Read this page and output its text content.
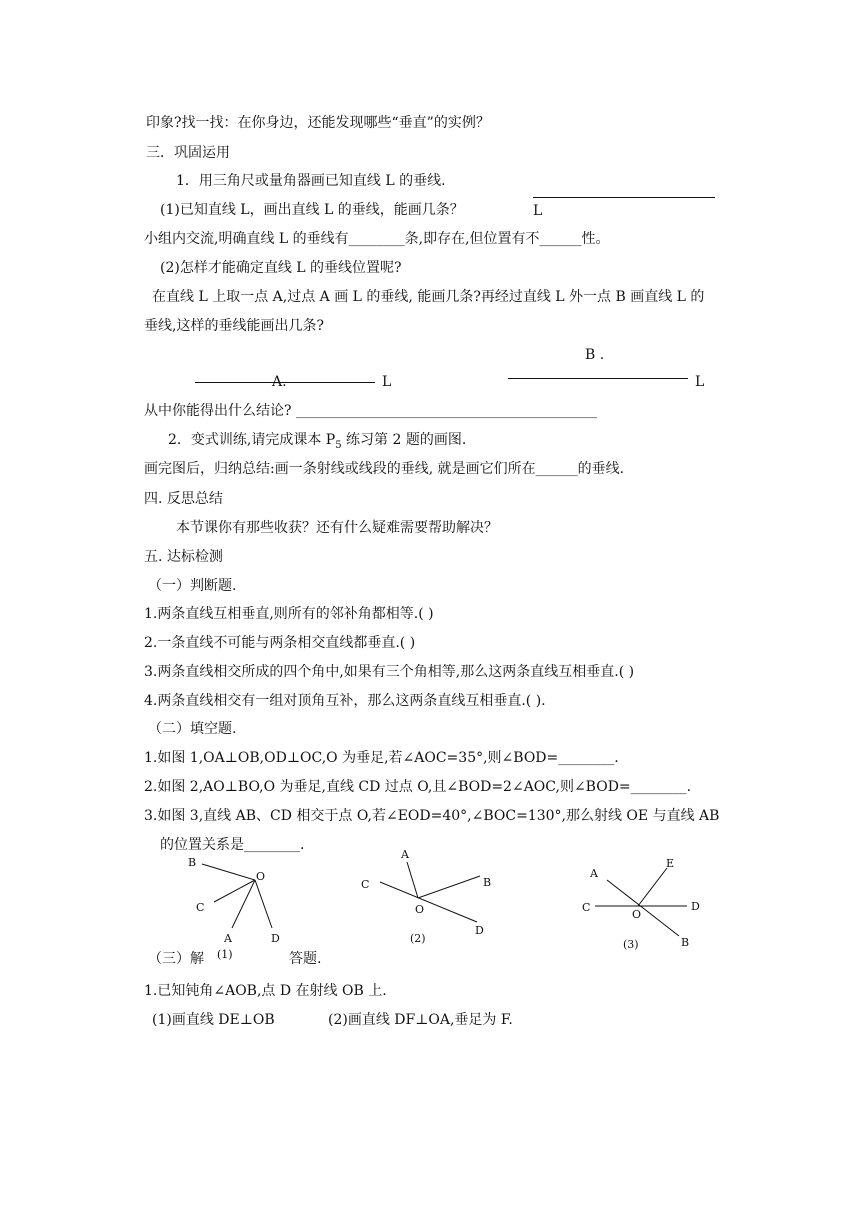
印象?找一找：在你身边，还能发现哪些“垂直”的实例？
三．巩固运用
1．用三角尺或量角器画已知直线 L 的垂线.
(1)已知直线 L，画出直线 L 的垂线，能画几条？	L
小组内交流,明确直线 L 的垂线有________条,即存在,但位置有不______性。
(2)怎样才能确定直线 L 的垂线位置呢?
在直线 L 上取一点 A,过点 A 画 L 的垂线, 能画几条?再经过直线 L 外一点 B 画直线 L 的
垂线,这样的垂线能画出几条?
B .
A.	L	L
从中你能得出什么结论? ___________________________________________
2．变式训练,请完成课本 $P_5$ 练习第 2 题的画图.
画完图后，归纳总结:画一条射线或线段的垂线, 就是画它们所在______的垂线.
四. 反思总结
本节课你有那些收获？还有什么疑难需要帮助解决？
五. 达标检测
（一）判断题.
1.两条直线互相垂直,则所有的邻补角都相等.( )
2.一条直线不可能与两条相交直线都垂直.( )
3.两条直线相交所成的四个角中,如果有三个角相等,那么这两条直线互相垂直.( )
4.两条直线相交有一组对顶角互补，那么这两条直线互相垂直.( ).
（二）填空题.
1.如图 1,OA⊥OB,OD⊥OC,O 为垂足,若∠AOC=35°,则∠BOD=________.
2.如图 2,AO⊥BO,O 为垂足,直线 CD 过点 O,且∠BOD=2∠AOC,则∠BOD=________.
3.如图 3,直线 AB、CD 相交于点 O,若∠EOD=40°,∠BOC=130°,那么射线 OE 与直线 AB
的位置关系是________.
B
O
C
A	D
(1)
A
B
C
O
D
(2)
A
E
C
O
D
B
(3)
（三）解	答题.
1.已知钝角∠AOB,点 D 在射线 OB 上.
(1)画直线 DE⊥OB	(2)画直线 DF⊥OA,垂足为 F.
